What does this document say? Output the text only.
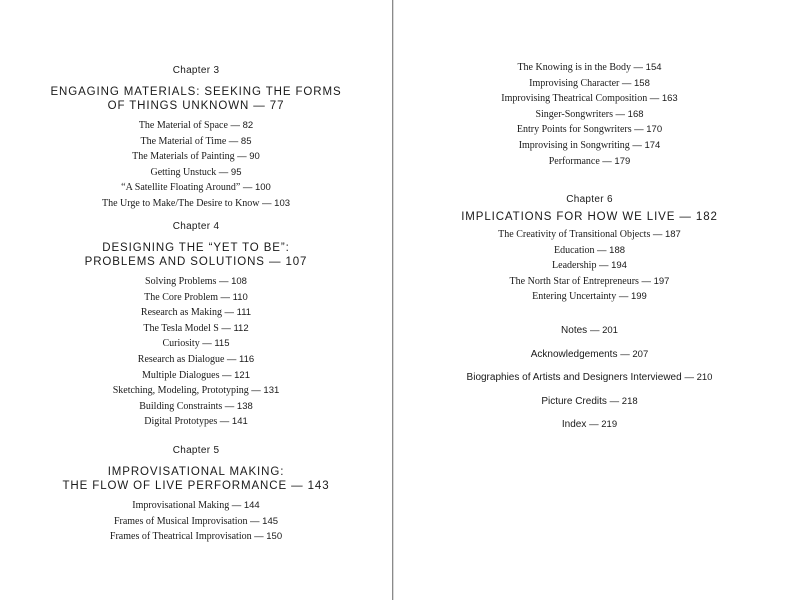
Chapter 3
ENGAGING MATERIALS: SEEKING THE FORMS
OF THINGS UNKNOWN — 77
The Material of Space — 82
The Material of Time — 85
The Materials of Painting — 90
Getting Unstuck — 95
“A Satellite Floating Around” — 100
The Urge to Make/The Desire to Know — 103
Chapter 4
DESIGNING THE “YET TO BE”:
PROBLEMS AND SOLUTIONS — 107
Solving Problems — 108
The Core Problem — 110
Research as Making — 111
The Tesla Model S — 112
Curiosity — 115
Research as Dialogue — 116
Multiple Dialogues — 121
Sketching, Modeling, Prototyping — 131
Building Constraints — 138
Digital Prototypes — 141
Chapter 5
IMPROVISATIONAL MAKING:
THE FLOW OF LIVE PERFORMANCE — 143
Improvisational Making — 144
Frames of Musical Improvisation — 145
Frames of Theatrical Improvisation — 150
The Knowing is in the Body — 154
Improvising Character — 158
Improvising Theatrical Composition — 163
Singer-Songwriters — 168
Entry Points for Songwriters — 170
Improvising in Songwriting — 174
Performance — 179
Chapter 6
IMPLICATIONS FOR HOW WE LIVE — 182
The Creativity of Transitional Objects — 187
Education — 188
Leadership — 194
The North Star of Entrepreneurs — 197
Entering Uncertainty — 199
Notes — 201
Acknowledgements — 207
Biographies of Artists and Designers Interviewed — 210
Picture Credits — 218
Index — 219
